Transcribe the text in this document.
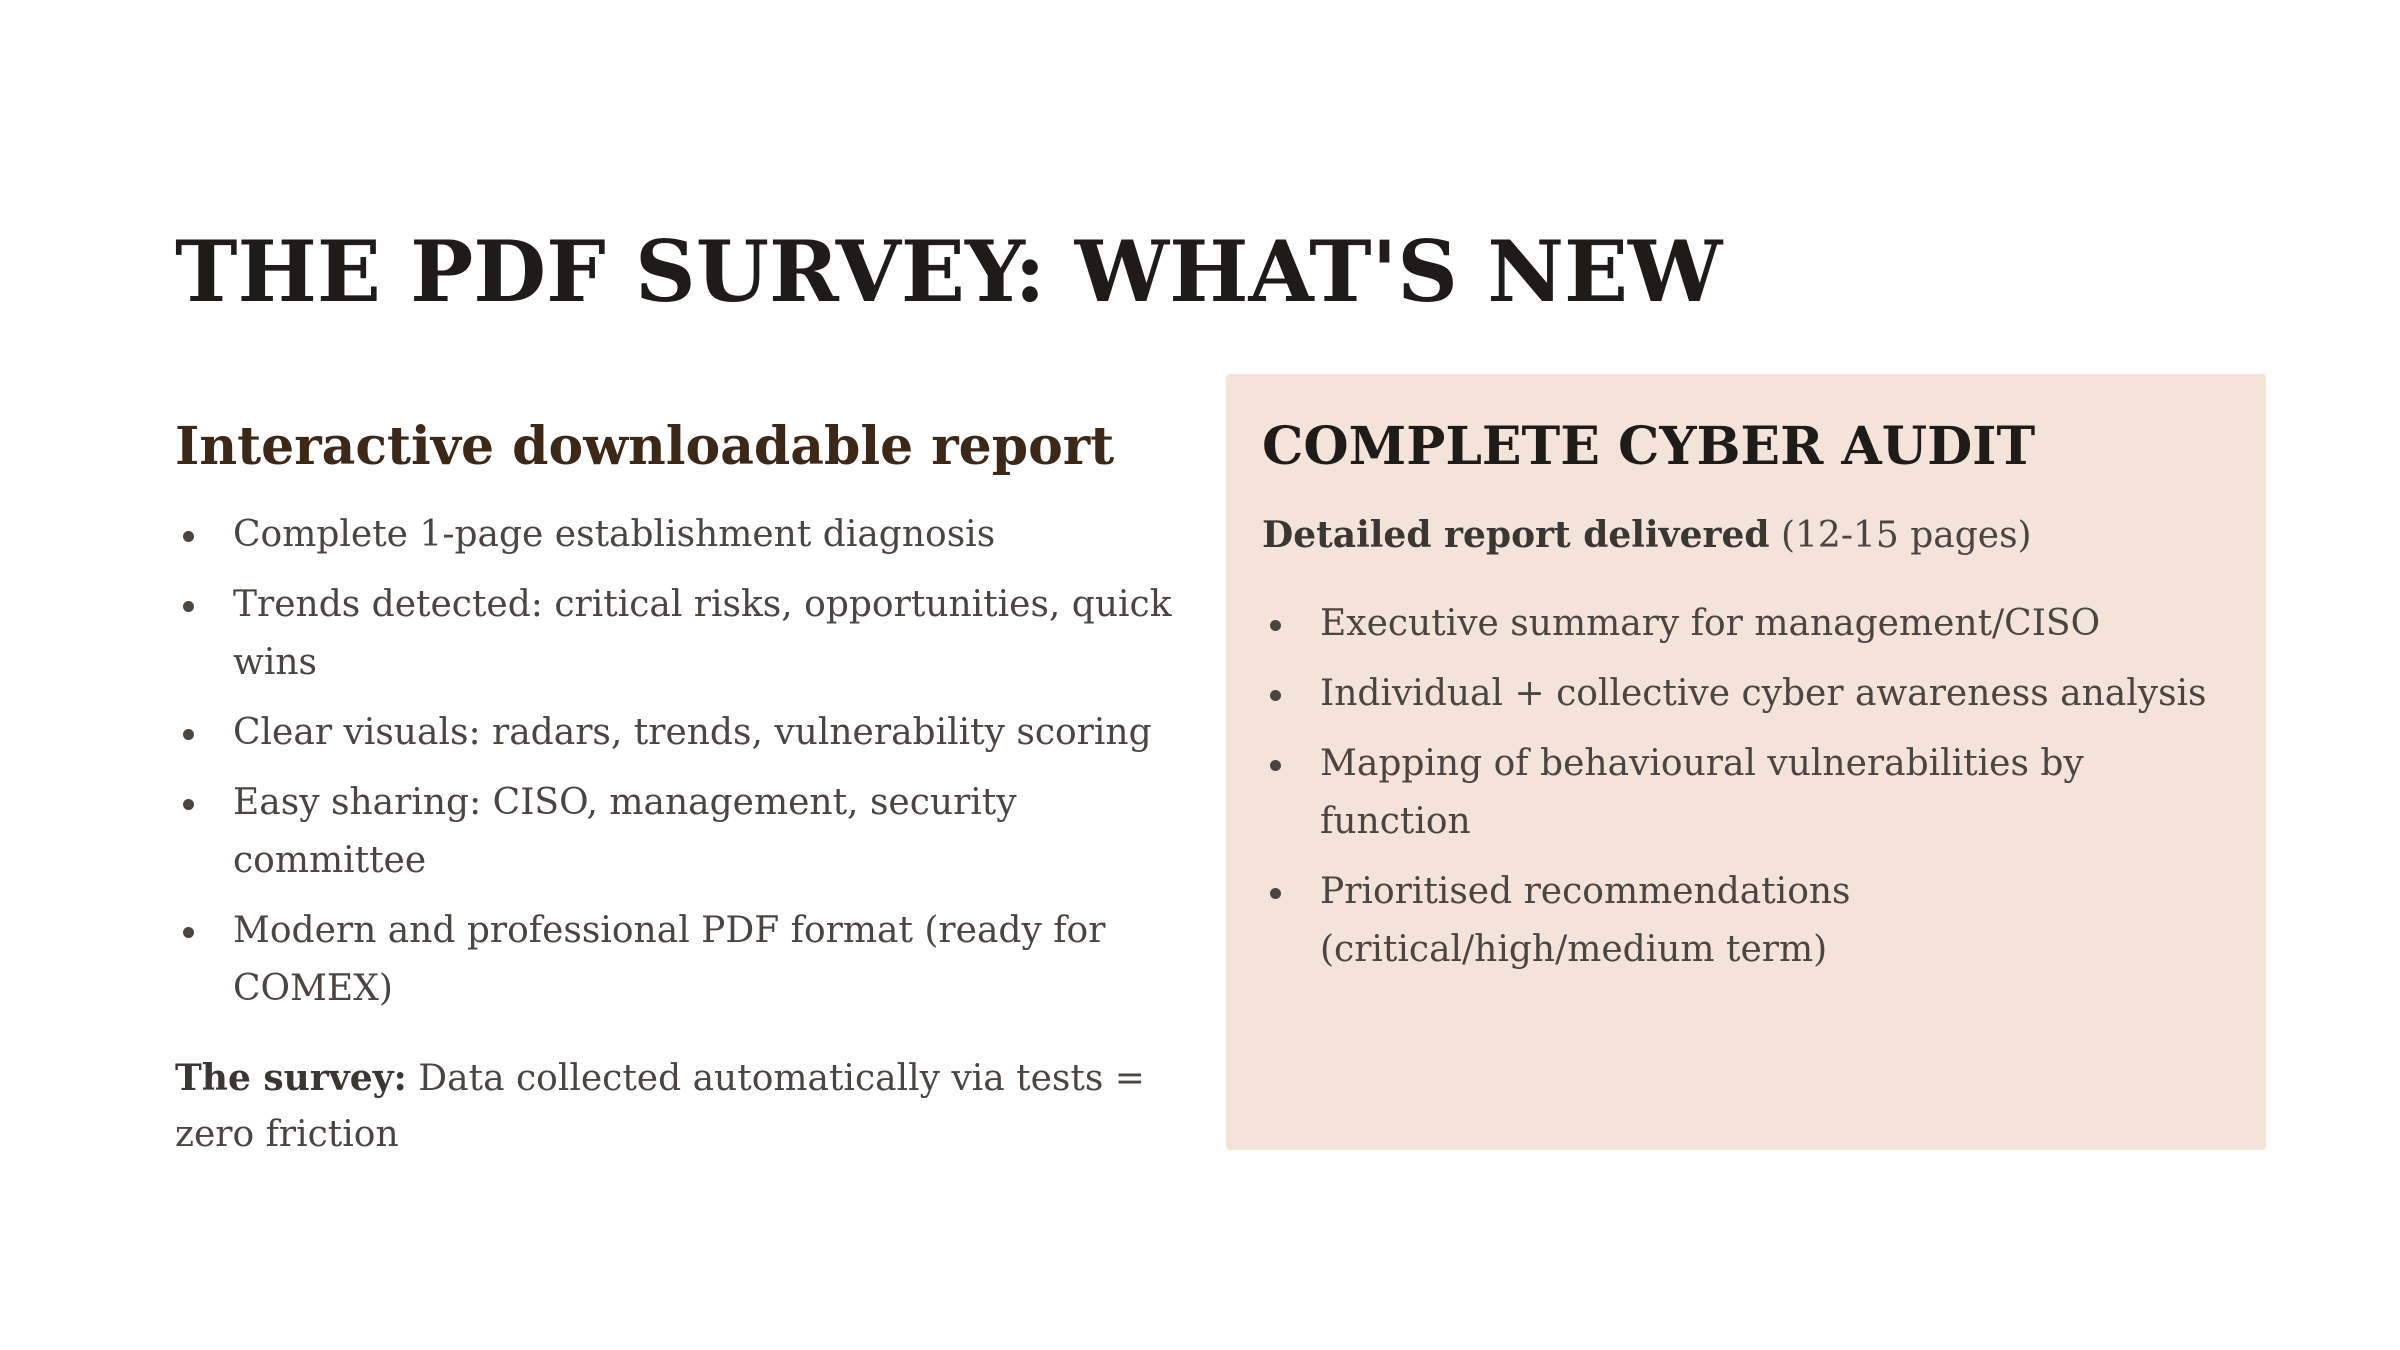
THE PDF SURVEY: WHAT'S NEW
Interactive downloadable report
Complete 1-page establishment diagnosis
Trends detected: critical risks, opportunities, quick wins
Clear visuals: radars, trends, vulnerability scoring
Easy sharing: CISO, management, security committee
Modern and professional PDF format (ready for COMEX)

The survey: Data collected automatically via tests = zero friction

COMPLETE CYBER AUDIT

Detailed report delivered (12-15 pages)

Executive summary for management/CISO
Individual + collective cyber awareness analysis
Mapping of behavioural vulnerabilities by function
Prioritised recommendations (critical/high/medium term)
